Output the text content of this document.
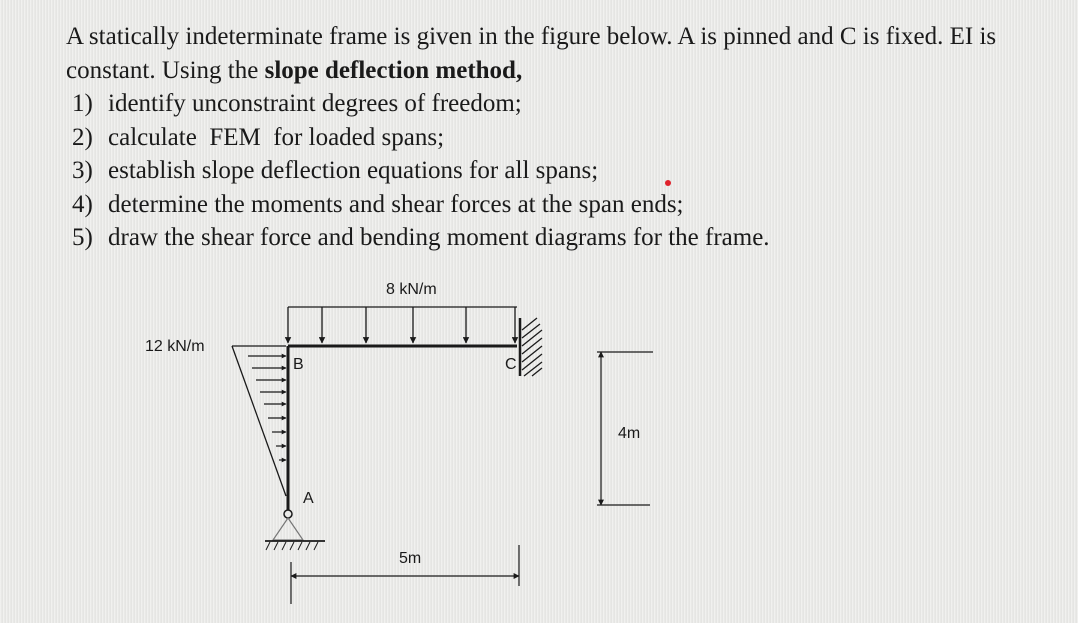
A statically indeterminate frame is given in the figure below. A is pinned and C is fixed. EI is
constant. Using the slope deflection method,
1) identify unconstraint degrees of freedom;
2) calculate  FEM  for loaded spans;
3) establish slope deflection equations for all spans;
4) determine the moments and shear forces at the span ends;
5) draw the shear force and bending moment diagrams for the frame.
8 kN/m
12 kN/m
B
A
C
5m
4m
